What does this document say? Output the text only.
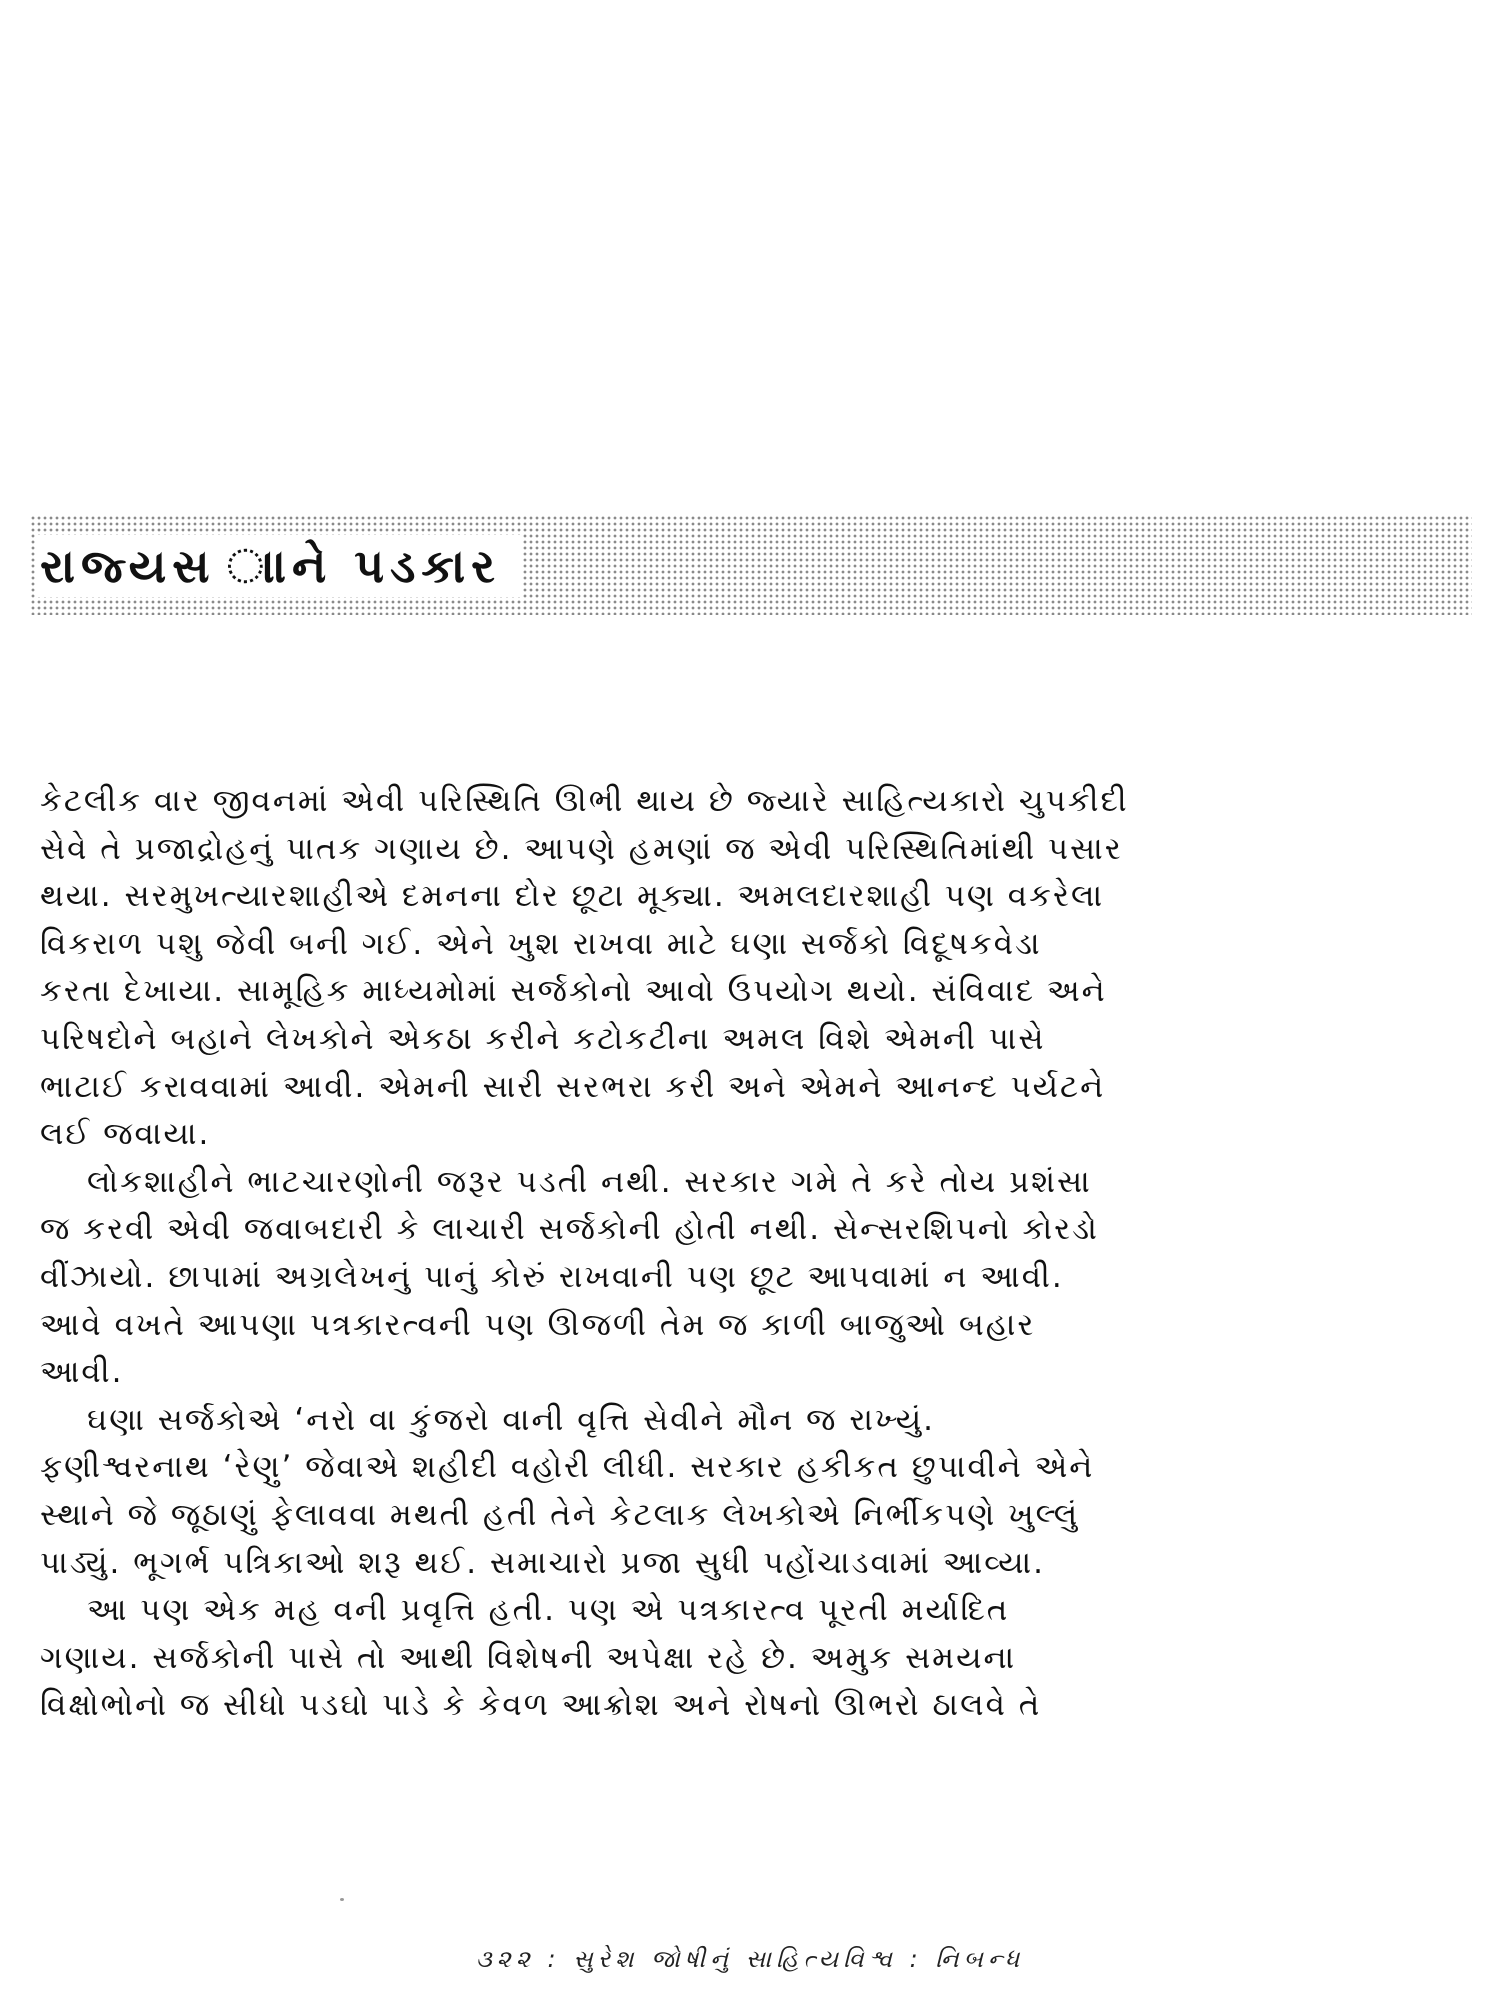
રાજ્યસ ાાને પડકાર
કેટલીક વાર જીવનમાં એવી પરિસ્થિતિ ઊભી થાય છે જ્યારે સાહિત્યકારો ચુપકીદી
સેવે તે પ્રજાદ્રોહનું પાતક ગણાય છે. આપણે હમણાં જ એવી પરિસ્થિતિમાંથી પસાર
થયા. સરમુખત્યારશાહીએ દમનના દોર છૂટા મૂક્યા. અમલદારશાહી પણ વકરેલા
વિકરાળ પશુ જેવી બની ગઈ. એને ખુશ રાખવા માટે ઘણા સર્જકો વિદૂષકવેડા
કરતા દેખાયા. સામૂહિક માધ્યમોમાં સર્જકોનો આવો ઉપયોગ થયો. સંવિવાદ અને
પરિષદોને બહાને લેખકોને એકઠા કરીને કટોકટીના અમલ વિશે એમની પાસે
ભાટાઈ કરાવવામાં આવી. એમની સારી સરભરા કરી અને એમને આનન્દ પર્યટને
લઈ જવાયા.
લોકશાહીને ભાટચારણોની જરૂર પડતી નથી. સરકાર ગમે તે કરે તોય પ્રશંસા
જ કરવી એવી જવાબદારી કે લાચારી સર્જકોની હોતી નથી. સેન્સરશિપનો કોરડો
વીંઝાયો. છાપામાં અગ્રલેખનું પાનું કોરું રાખવાની પણ છૂટ આપવામાં ન આવી.
આવે વખતે આપણા પત્રકારત્વની પણ ઊજળી તેમ જ કાળી બાજુઓ બહાર
આવી.
ઘણા સર્જકોએ ‘નરો વા કુંજરો વાની વૃત્તિ સેવીને મૌન જ રાખ્યું.
ફણીશ્વરનાથ ‘રેણુ’ જેવાએ શહીદી વહોરી લીધી. સરકાર હકીકત છુપાવીને એને
સ્થાને જે જૂઠાણું ફેલાવવા મથતી હતી તેને કેટલાક લેખકોએ નિર્ભીકપણે ખુલ્લું
પાડ્યું. ભૂગર્ભ પત્રિકાઓ શરૂ થઈ. સમાચારો પ્રજા સુધી પહોંચાડવામાં આવ્યા.
આ પણ એક મહ વની પ્રવૃત્તિ હતી. પણ એ પત્રકારત્વ પૂરતી મર્યાદિત
ગણાય. સર્જકોની પાસે તો આથી વિશેષની અપેક્ષા રહે છે. અમુક સમયના
વિક્ષોભોનો જ સીધો પડઘો પાડે કે કેવળ આક્રોશ અને રોષનો ઊભરો ઠાલવે તે
૩૨૨ : સુરેશ જોષીનું સાહિત્યવિશ્વ : નિબન્ધ
